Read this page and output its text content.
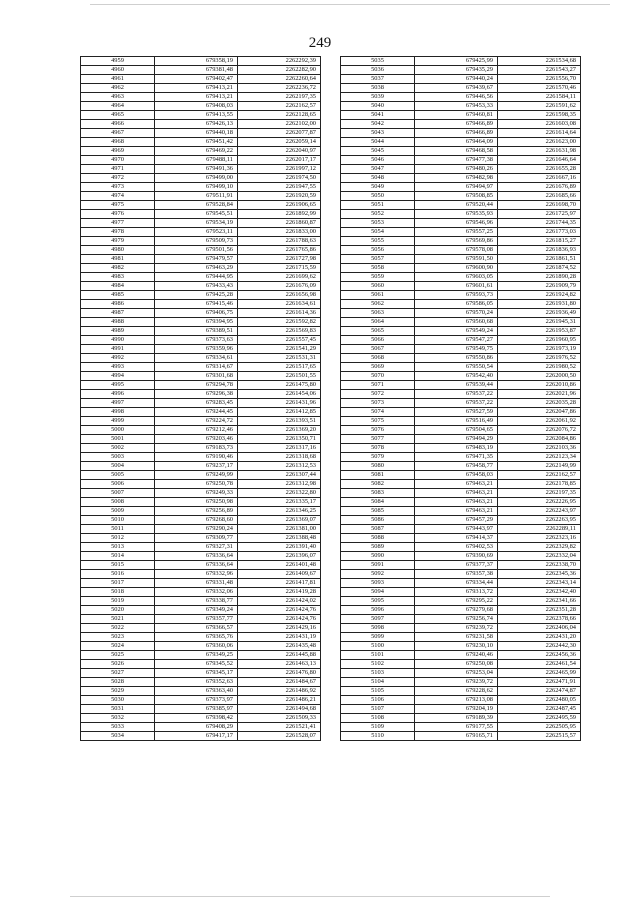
249
4959	679358,19	2262292,39
4960	679381,48	2262282,90
4961	679402,47	2262260,64
4962	679413,21	2262236,72
4963	679413,21	2262197,35
4964	679408,03	2262162,57
4965	679413,55	2262128,65
4966	679426,13	2262102,00
4967	679440,18	2262077,87
4968	679451,42	2262059,14
4969	679469,22	2262040,97
4970	679488,11	2262017,17
4971	679491,36	2261997,12
4972	679499,00	2261974,50
4973	679499,10	2261947,55
4974	679511,91	2261920,59
4975	679528,84	2261906,65
4976	679545,51	2261892,99
4977	679534,19	2261860,87
4978	679523,11	2261833,00
4979	679509,73	2261788,63
4980	679501,56	2261765,86
4981	679479,57	2261727,98
4982	679463,29	2261715,59
4983	679444,95	2261699,62
4984	679433,43	2261676,09
4985	679425,28	2261656,98
4986	679415,46	2261634,61
4987	679406,75	2261614,36
4988	679394,95	2261592,82
4989	679389,51	2261569,83
4990	679373,63	2261557,45
4991	679359,96	2261541,29
4992	679334,61	2261531,31
4993	679314,67	2261517,65
4994	679301,68	2261501,55
4995	679294,78	2261475,80
4996	679296,38	2261454,06
4997	679283,45	2261431,96
4998	679244,45	2261412,85
4999	679224,72	2261393,51
5000	679212,46	2261369,20
5001	679203,46	2261350,71
5002	679183,73	2261317,16
5003	679190,46	2261318,68
5004	679237,17	2261312,53
5005	679249,99	2261307,44
5006	679250,78	2261312,98
5007	679249,33	2261322,80
5008	679250,98	2261335,17
5009	679256,89	2261346,25
5010	679268,60	2261369,07
5011	679290,24	2261381,00
5012	679309,77	2261388,48
5013	679327,31	2261391,40
5014	679336,64	2261396,07
5015	679336,64	2261401,48
5016	679332,96	2261409,67
5017	679331,48	2261417,81
5018	679332,06	2261419,28
5019	679338,77	2261424,02
5020	679349,24	2261424,76
5021	679357,77	2261424,76
5022	679366,57	2261429,16
5023	679365,76	2261431,19
5024	679360,06	2261435,48
5025	679349,25	2261445,88
5026	679345,52	2261463,13
5027	679345,17	2261476,80
5028	679352,63	2261484,67
5029	679363,40	2261486,92
5030	679373,97	2261486,21
5031	679385,97	2261494,68
5032	679398,42	2261509,33
5033	679408,29	2261521,41
5034	679417,17	2261528,07
5035	679425,99	2261534,68
5036	679435,29	2261543,27
5037	679440,24	2261556,70
5038	679439,67	2261570,46
5039	679446,56	2261584,11
5040	679453,33	2261591,62
5041	679460,81	2261598,35
5042	679466,89	2261603,08
5043	679466,89	2261614,64
5044	679464,09	2261623,00
5045	679468,58	2261631,98
5046	679477,38	2261646,64
5047	679480,26	2261655,28
5048	679482,98	2261667,16
5049	679494,97	2261676,89
5050	679508,85	2261685,66
5051	679520,44	2261698,70
5052	679535,93	2261725,97
5053	679546,96	2261744,35
5054	679557,25	2261773,03
5055	679569,86	2261815,27
5056	679578,08	2261836,93
5057	679591,50	2261861,51
5058	679600,90	2261874,52
5059	679603,05	2261890,28
5060	679601,61	2261909,79
5061	679593,73	2261924,82
5062	679586,05	2261931,80
5063	679570,24	2261936,49
5064	679560,68	2261945,31
5065	679549,24	2261953,87
5066	679547,27	2261960,95
5067	679549,75	2261973,19
5068	679550,86	2261976,52
5069	679550,54	2261980,52
5070	679542,40	2262000,50
5071	679539,44	2262010,86
5072	679537,22	2262021,96
5073	679537,22	2262035,28
5074	679527,59	2262047,86
5075	679516,49	2262061,92
5076	679504,65	2262076,72
5077	679494,29	2262084,86
5078	679483,19	2262103,36
5079	679471,35	2262123,34
5080	679458,77	2262149,99
5081	679458,03	2262162,57
5082	679463,21	2262178,85
5083	679463,21	2262197,35
5084	679463,21	2262226,95
5085	679463,21	2262243,97
5086	679457,29	2262263,95
5087	679443,97	2262289,11
5088	679414,37	2262323,16
5089	679402,53	2262329,82
5090	679390,69	2262332,04
5091	679377,37	2262338,70
5092	679357,38	2262345,36
5093	679334,44	2262343,14
5094	679313,72	2262342,40
5095	679295,22	2262341,66
5096	679279,68	2262351,28
5097	679256,74	2262378,66
5098	679239,72	2262406,04
5099	679231,58	2262431,20
5100	679230,10	2262442,30
5101	679240,46	2262456,36
5102	679250,08	2262461,54
5103	679253,04	2262465,99
5104	679239,72	2262471,91
5105	679228,62	2262474,87
5106	679213,08	2262480,05
5107	679204,19	2262487,45
5108	679189,39	2262495,59
5109	679177,55	2262505,95
5110	679165,71	2262515,57
